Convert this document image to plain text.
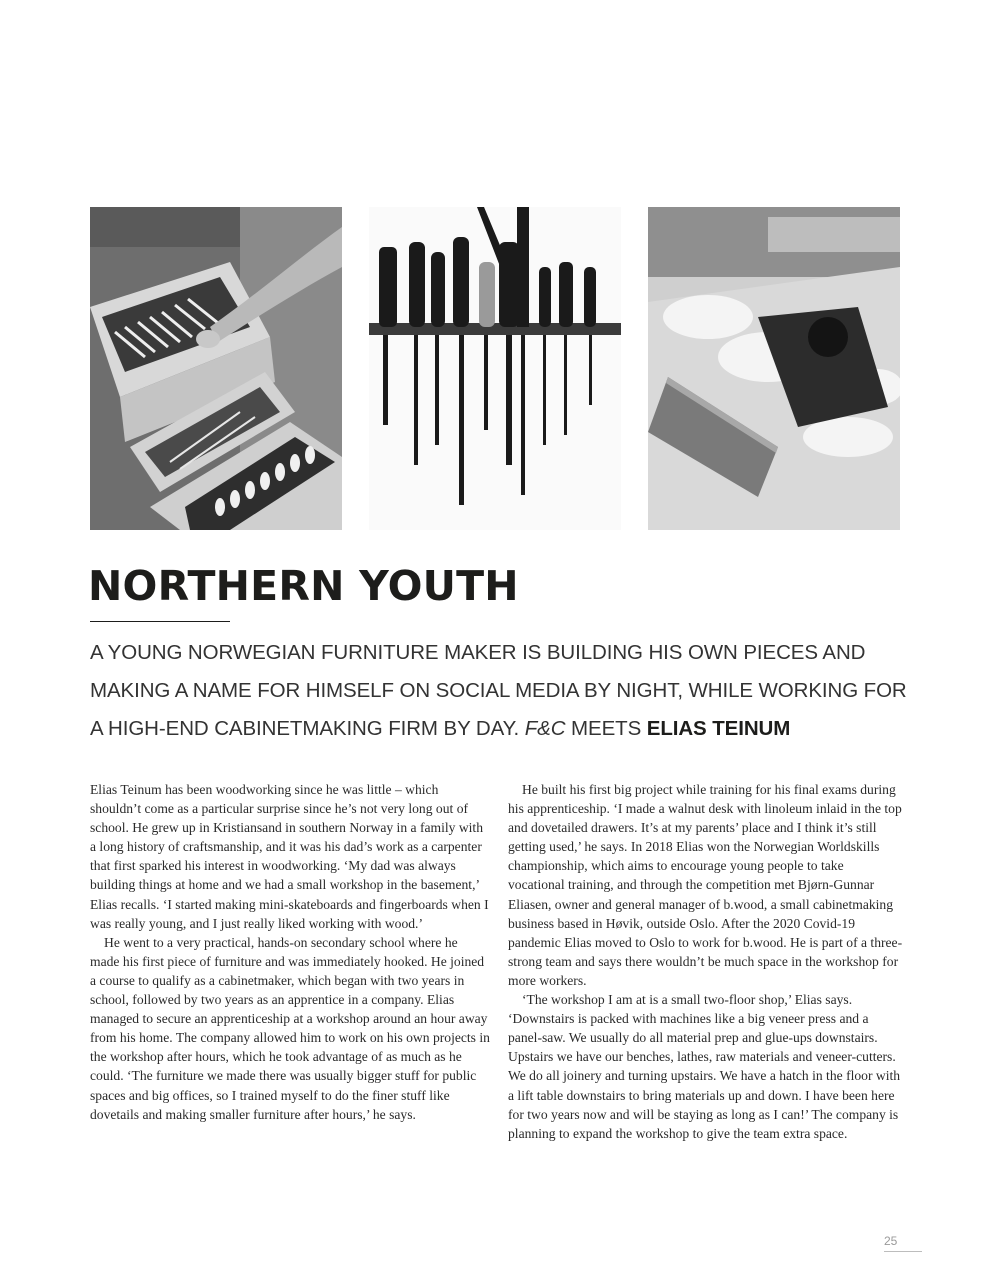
NORTHERN YOUTH
A YOUNG NORWEGIAN FURNITURE MAKER IS BUILDING HIS OWN PIECES AND MAKING A NAME FOR HIMSELF ON SOCIAL MEDIA BY NIGHT, WHILE WORKING FOR A HIGH-END CABINETMAKING FIRM BY DAY. F&C MEETS ELIAS TEINUM

Elias Teinum has been woodworking since he was little – which shouldn’t come as a particular surprise since he’s not very long out of school. He grew up in Kristiansand in southern Norway in a family with a long history of craftsmanship, and it was his dad’s work as a carpenter that first sparked his interest in woodworking. ‘My dad was always building things at home and we had a small workshop in the basement,’ Elias recalls. ‘I started making mini-skateboards and fingerboards when I was really young, and I just really liked working with wood.’

He went to a very practical, hands-on secondary school where he made his first piece of furniture and was immediately hooked. He joined a course to qualify as a cabinetmaker, which began with two years in school, followed by two years as an apprentice in a company. Elias managed to secure an apprenticeship at a workshop around an hour away from his home. The company allowed him to work on his own projects in the workshop after hours, which he took advantage of as much as he could. ‘The furniture we made there was usually bigger stuff for public spaces and big offices, so I trained myself to do the finer stuff like dovetails and making smaller furniture after hours,’ he says.

He built his first big project while training for his final exams during his apprenticeship. ‘I made a walnut desk with linoleum inlaid in the top and dovetailed drawers. It’s at my parents’ place and I think it’s still getting used,’ he says. In 2018 Elias won the Norwegian Worldskills championship, which aims to encourage young people to take vocational training, and through the competition met Bjørn-Gunnar Eliasen, owner and general manager of b.wood, a small cabinetmaking business based in Høvik, outside Oslo. After the 2020 Covid-19 pandemic Elias moved to Oslo to work for b.wood. He is part of a three-strong team and says there wouldn’t be much space in the workshop for more workers.

‘The workshop I am at is a small two-floor shop,’ Elias says. ‘Downstairs is packed with machines like a big veneer press and a panel-saw. We usually do all material prep and glue-ups downstairs. Upstairs we have our benches, lathes, raw materials and veneer-cutters. We do all joinery and turning upstairs. We have a hatch in the floor with a lift table downstairs to bring materials up and down. I have been here for two years now and will be staying as long as I can!’ The company is planning to expand the workshop to give the team extra space.

25
